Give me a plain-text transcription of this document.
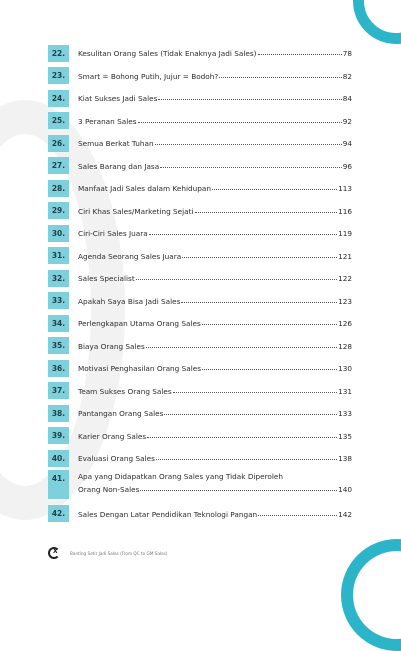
22.	Kesulitan Orang Sales (Tidak Enaknya Jadi Sales)	78
23.	Smart = Bohong Putih, Jujur = Bodoh?	82
24.	Kiat Sukses Jadi Sales	84
25.	3 Peranan Sales	92
26.	Semua Berkat Tuhan	94
27.	Sales Barang dan Jasa	96
28.	Manfaat Jadi Sales dalam Kehidupan	113
29.	Ciri Khas Sales/Marketing Sejati	116
30.	Ciri-Ciri Sales Juara	119
31.	Agenda Seorang Sales Juara	121
32.	Sales Specialist	122
33.	Apakah Saya Bisa Jadi Sales	123
34.	Perlengkapan Utama Orang Sales	126
35.	Biaya Orang Sales	128
36.	Motivasi Penghasilan Orang Sales	130
37.	Team Sukses Orang Sales	131
38.	Pantangan Orang Sales	133
39.	Karier Orang Sales	135
40.	Evaluasi Orang Sales	138
41.	Apa yang Didapatkan Orang Sales yang Tidak Diperoleh
Orang Non-Sales	140
42.	Sales Dengan Latar Pendidikan Teknologi Pangan	142
X	Banting Setir Jadi Sales (From QC to GM Sales)
